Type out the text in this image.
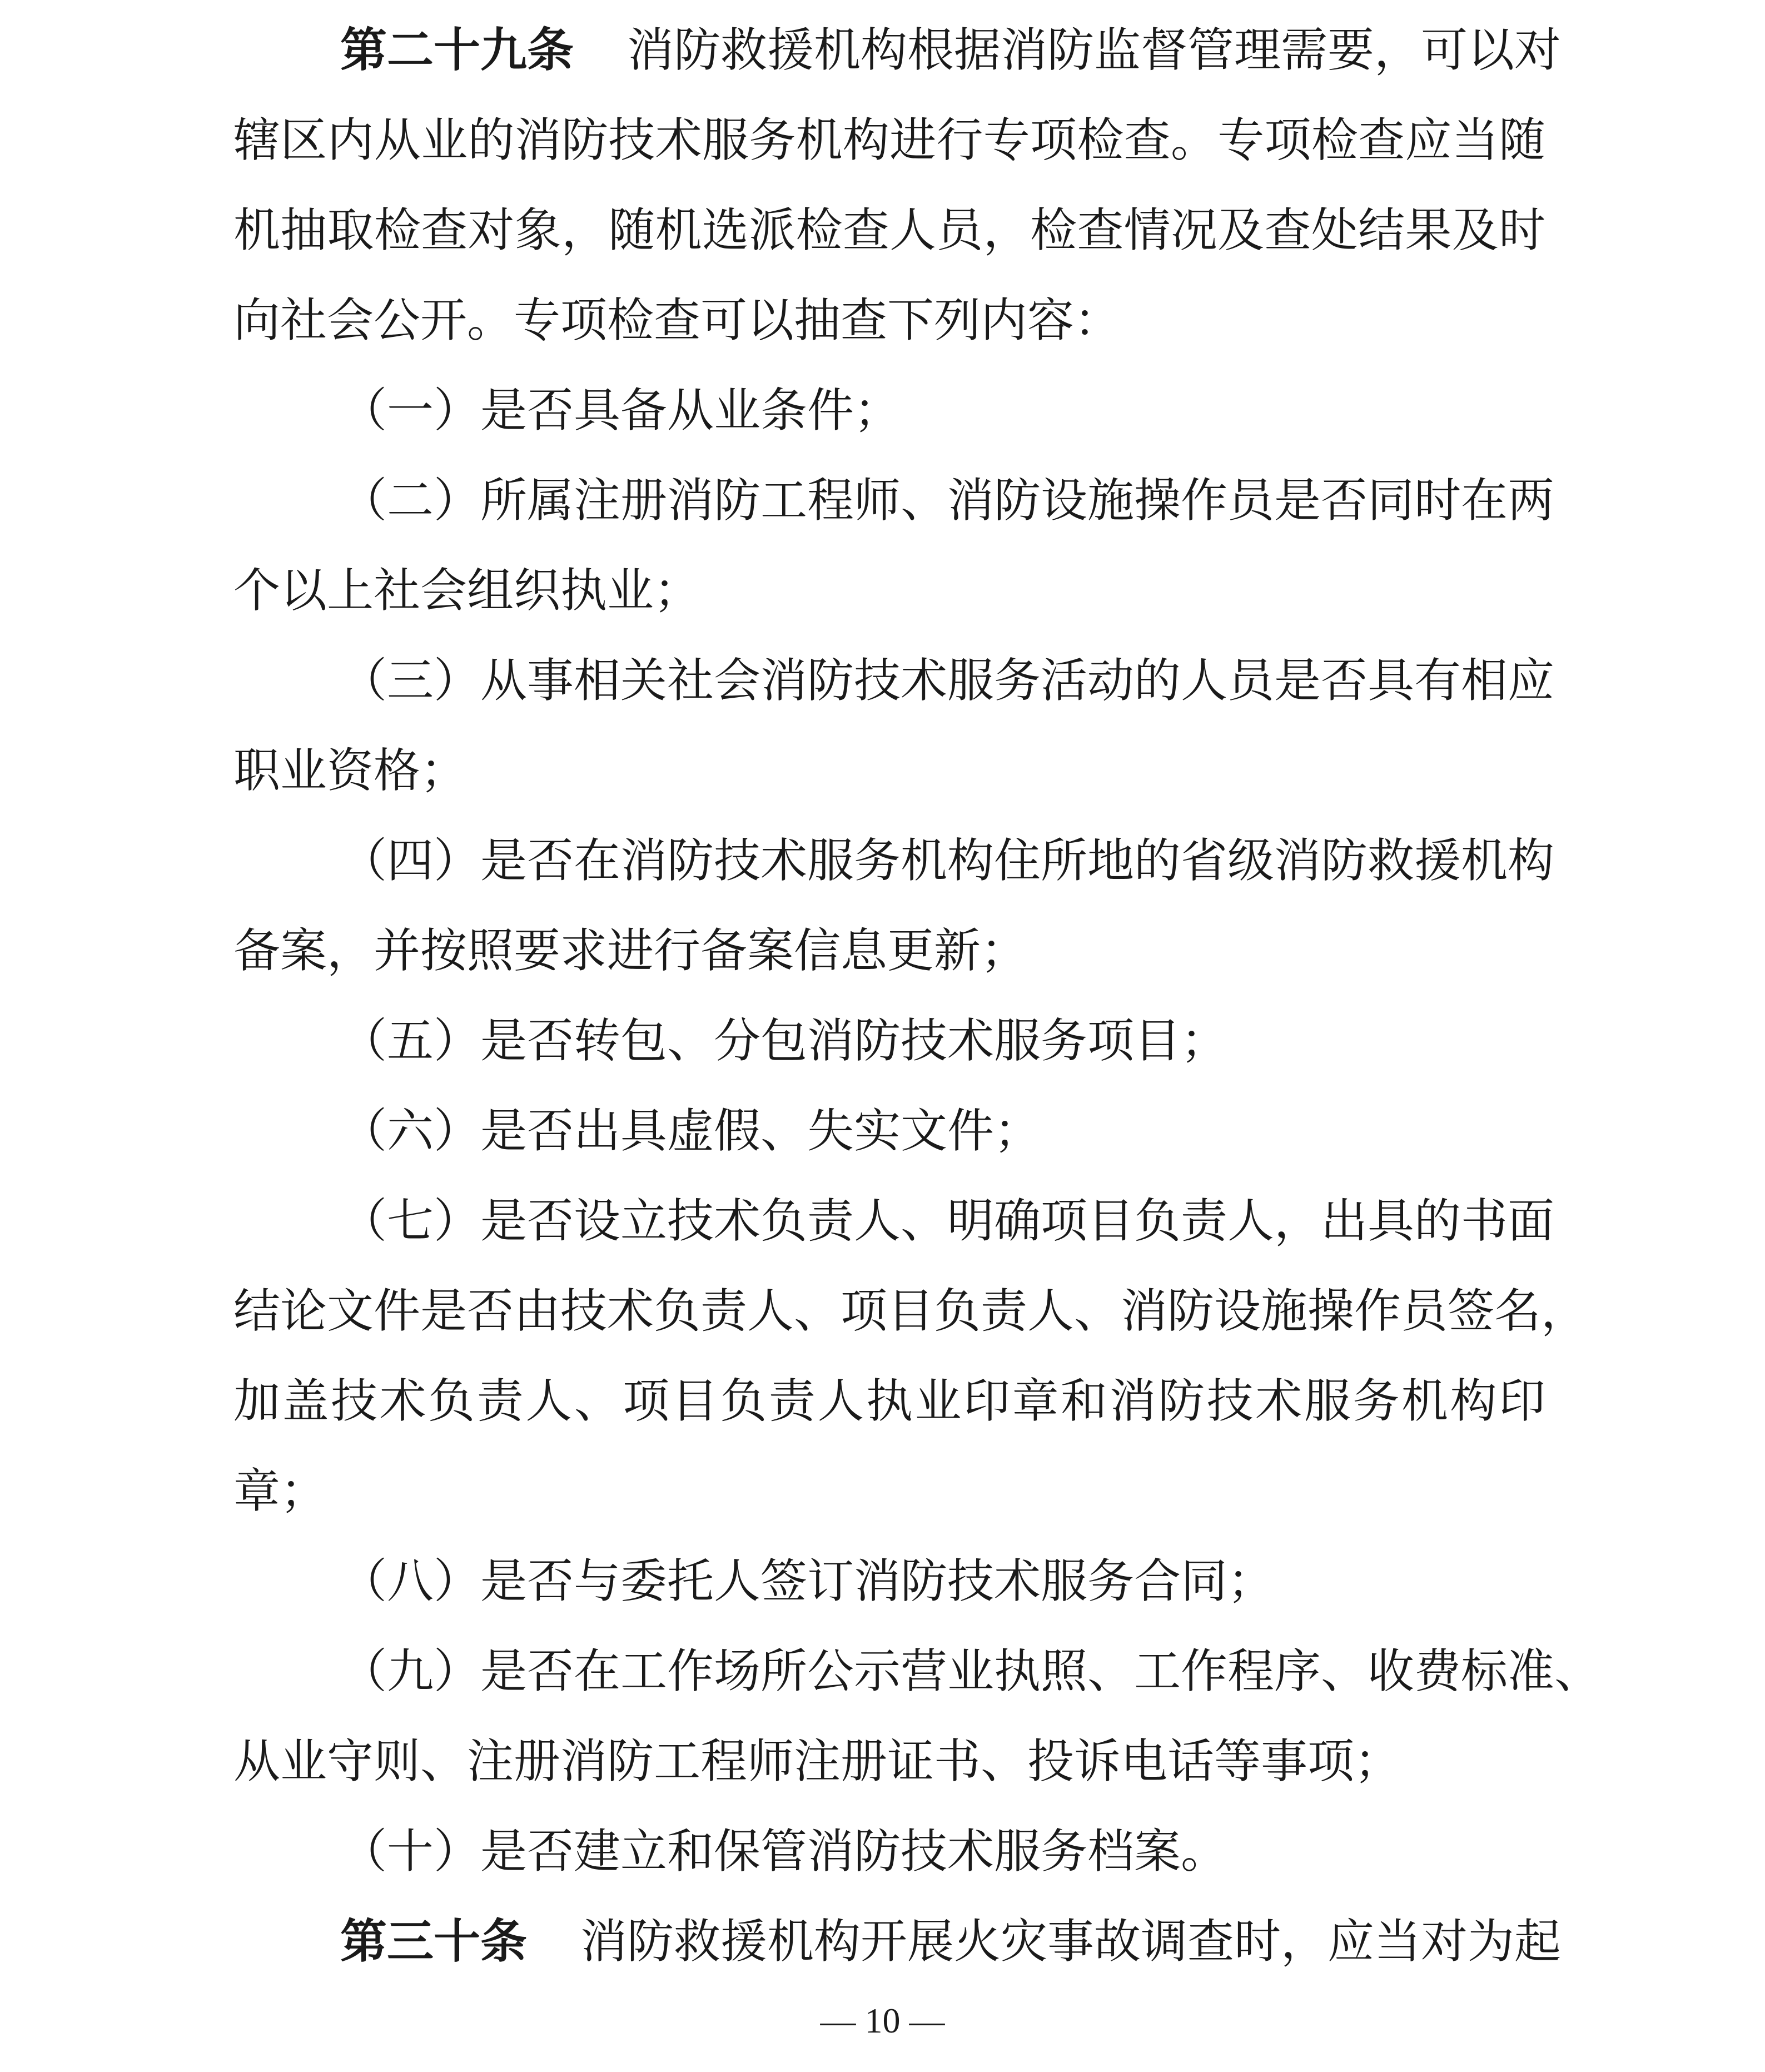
第二十九条 消防救援机构根据消防监督管理需要，可以对
辖区内从业的消防技术服务机构进行专项检查。专项检查应当随
机抽取检查对象，随机选派检查人员，检查情况及查处结果及时
向社会公开。专项检查可以抽查下列内容：
（一）是否具备从业条件；
（二）所属注册消防工程师、消防设施操作员是否同时在两
个以上社会组织执业；
（三）从事相关社会消防技术服务活动的人员是否具有相应
职业资格；
（四）是否在消防技术服务机构住所地的省级消防救援机构
备案，并按照要求进行备案信息更新；
（五）是否转包、分包消防技术服务项目；
（六）是否出具虚假、失实文件；
（七）是否设立技术负责人、明确项目负责人，出具的书面
结论文件是否由技术负责人、项目负责人、消防设施操作员签名，
加盖技术负责人、项目负责人执业印章和消防技术服务机构印
章；
（八）是否与委托人签订消防技术服务合同；
（九）是否在工作场所公示营业执照、工作程序、收费标准、
从业守则、注册消防工程师注册证书、投诉电话等事项；
（十）是否建立和保管消防技术服务档案。
第三十条 消防救援机构开展火灾事故调查时，应当对为起
— 10 —
